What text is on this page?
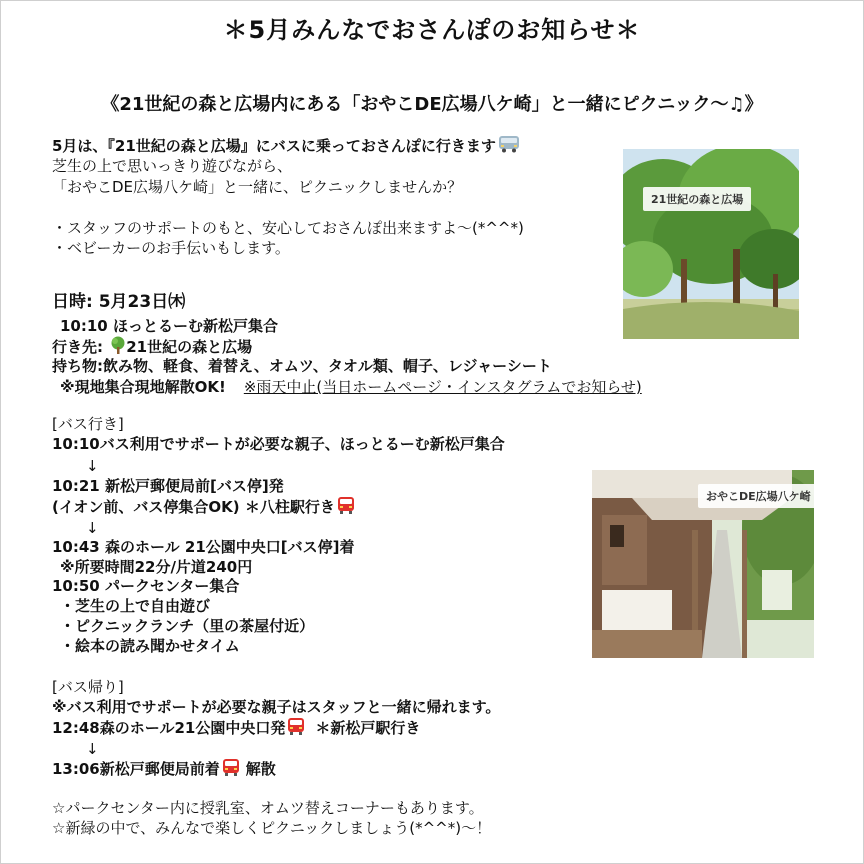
＊5月みんなでおさんぽのお知らせ＊
《21世紀の森と広場内にある「おやこDE広場八ケ崎」と一緒にピクニック〜♫》
5月は、『21世紀の森と広場』にバスに乗っておさんぽに行きます
芝生の上で思いっきり遊びながら、
「おやこDE広場八ケ崎」と一緒に、ピクニックしませんか？
・スタッフのサポートのもと、安心しておさんぽ出来ますよ〜(*^^*)
・ベビーカーのお手伝いもします。
日時: 5月23日㈭
10:10 ほっとるーむ新松戸集合
行き先: 21世紀の森と広場
持ち物:飲み物、軽食、着替え、オムツ、タオル類、帽子、レジャーシート
※現地集合現地解散OK! ※雨天中止(当日ホームページ・インスタグラムでお知らせ)
[バス行き]
10:10バス利用でサポートが必要な親子、ほっとるーむ新松戸集合
↓
10:21 新松戸郵便局前[バス停]発
(イオン前、バス停集合OK) ＊八柱駅行き
↓
10:43 森のホール 21公園中央口[バス停]着
※所要時間22分/片道240円
10:50 パークセンター集合
・芝生の上で自由遊び
・ピクニックランチ（里の茶屋付近）
・絵本の読み聞かせタイム
[バス帰り]
※バス利用でサポートが必要な親子はスタッフと一緒に帰れます。
12:48森のホール21公園中央口発 ＊新松戸駅行き
↓
13:06新松戸郵便局前着 解散
☆パークセンター内に授乳室、オムツ替えコーナーもあります。
☆新緑の中で、みんなで楽しくピクニックしましょう(*^^*)〜！
21世紀の森と広場
おやこDE広場八ケ崎
